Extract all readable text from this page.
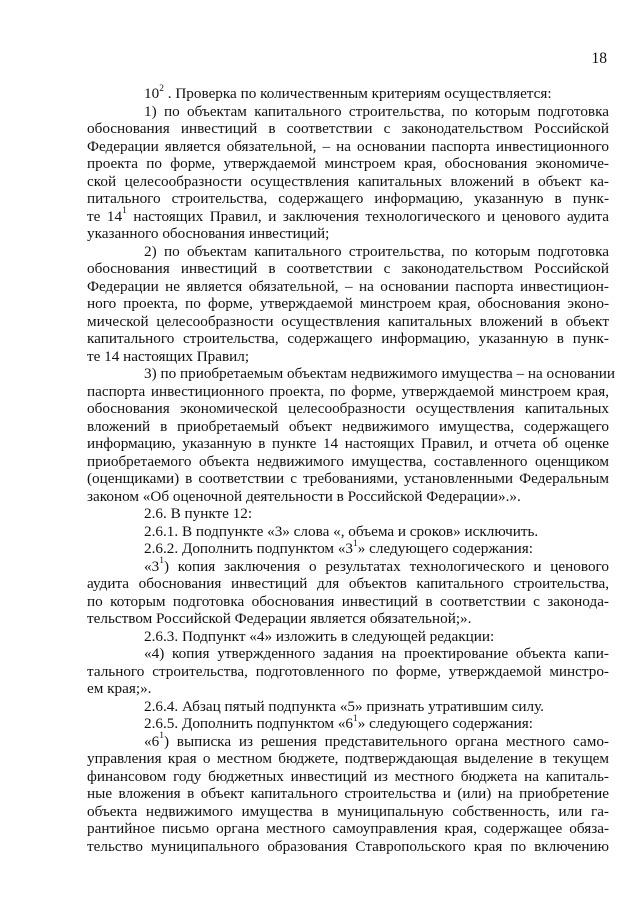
18

$10^2$ . Проверка по количественным критериям осуществляется:

1) по объектам капитального строительства, по которым подготовка

обоснования инвестиций в соответствии с законодательством Российской

Федерации является обязательной, – на основании паспорта инвестиционного

проекта по форме, утверждаемой минстроем края, обоснования экономиче-

ской целесообразности осуществления капитальных вложений в объект ка-

питального строительства, содержащего информацию, указанную в пунк-

те $14^1$ настоящих Правил, и заключения технологического и ценового аудита

указанного обоснования инвестиций;

2) по объектам капитального строительства, по которым подготовка

обоснования инвестиций в соответствии с законодательством Российской

Федерации не является обязательной, – на основании паспорта инвестицион-

ного проекта, по форме, утверждаемой минстроем края, обоснования эконо-

мической целесообразности осуществления капитальных вложений в объект

капитального строительства, содержащего информацию, указанную в пунк-

те 14 настоящих Правил;

3) по приобретаемым объектам недвижимого имущества – на основании

паспорта инвестиционного проекта, по форме, утверждаемой минстроем края,

обоснования экономической целесообразности осуществления капитальных

вложений в приобретаемый объект недвижимого имущества, содержащего

информацию, указанную в пункте 14 настоящих Правил, и отчета об оценке

приобретаемого объекта недвижимого имущества, составленного оценщиком

(оценщиками) в соответствии с требованиями, установленными Федеральным

законом «Об оценочной деятельности в Российской Федерации».».

2.6. В пункте 12:

2.6.1. В подпункте «3» слова «, объема и сроков» исключить.

2.6.2. Дополнить подпунктом «$3^1$» следующего содержания:

«$3^1$) копия заключения о результатах технологического и ценового

аудита обоснования инвестиций для объектов капитального строительства,

по которым подготовка обоснования инвестиций в соответствии с законода-

тельством Российской Федерации является обязательной;».

2.6.3. Подпункт «4» изложить в следующей редакции:

«4) копия утвержденного задания на проектирование объекта капи-

тального строительства, подготовленного по форме, утверждаемой минстро-

ем края;».

2.6.4. Абзац пятый подпункта «5» признать утратившим силу.

2.6.5. Дополнить подпунктом «$6^1$» следующего содержания:

«$6^1$) выписка из решения представительного органа местного само-

управления края о местном бюджете, подтверждающая выделение в текущем

финансовом году бюджетных инвестиций из местного бюджета на капиталь-

ные вложения в объект капитального строительства и (или) на приобретение

объекта недвижимого имущества в муниципальную собственность, или га-

рантийное письмо органа местного самоуправления края, содержащее обяза-

тельство муниципального образования Ставропольского края по включению
